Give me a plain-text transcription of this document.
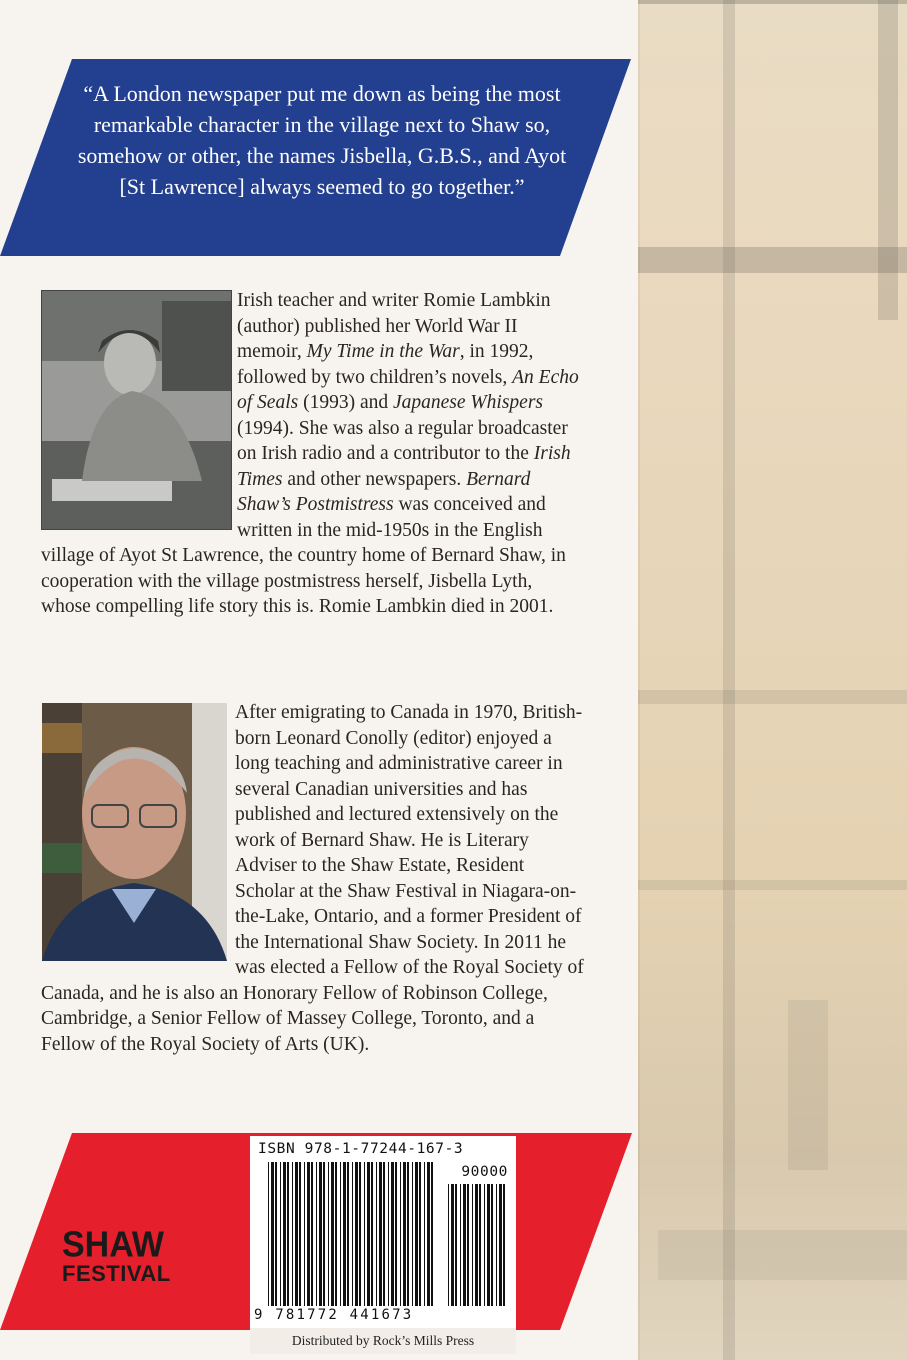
“A London newspaper put me down as being the most remarkable character in the village next to Shaw so, somehow or other, the names Jisbella, G.B.S., and Ayot [St Lawrence] always seemed to go together.”
Irish teacher and writer Romie Lambkin (author) published her World War II memoir, My Time in the War, in 1992, followed by two children’s novels, An Echo of Seals (1993) and Japanese Whispers (1994). She was also a regular broadcaster on Irish radio and a contributor to the Irish Times and other newspapers. Bernard Shaw’s Postmistress was conceived and written in the mid-1950s in the English village of Ayot St Lawrence, the country home of Bernard Shaw, in cooperation with the village postmistress herself, Jisbella Lyth, whose compelling life story this is. Romie Lambkin died in 2001.
After emigrating to Canada in 1970, British-born Leonard Conolly (editor) enjoyed a long teaching and administrative career in several Canadian universities and has published and lectured extensively on the work of Bernard Shaw. He is Literary Adviser to the Shaw Estate, Resident Scholar at the Shaw Festival in Niagara-on-the-Lake, Ontario, and a former President of the International Shaw Society. In 2011 he was elected a Fellow of the Royal Society of Canada, and he is also an Honorary Fellow of Robinson College, Cambridge, a Senior Fellow of Massey College, Toronto, and a Fellow of the Royal Society of Arts (UK).
SHAW
FESTIVAL
ISBN 978-1-77244-167-3
90000
9 781772 441673
Distributed by Rock’s Mills Press
